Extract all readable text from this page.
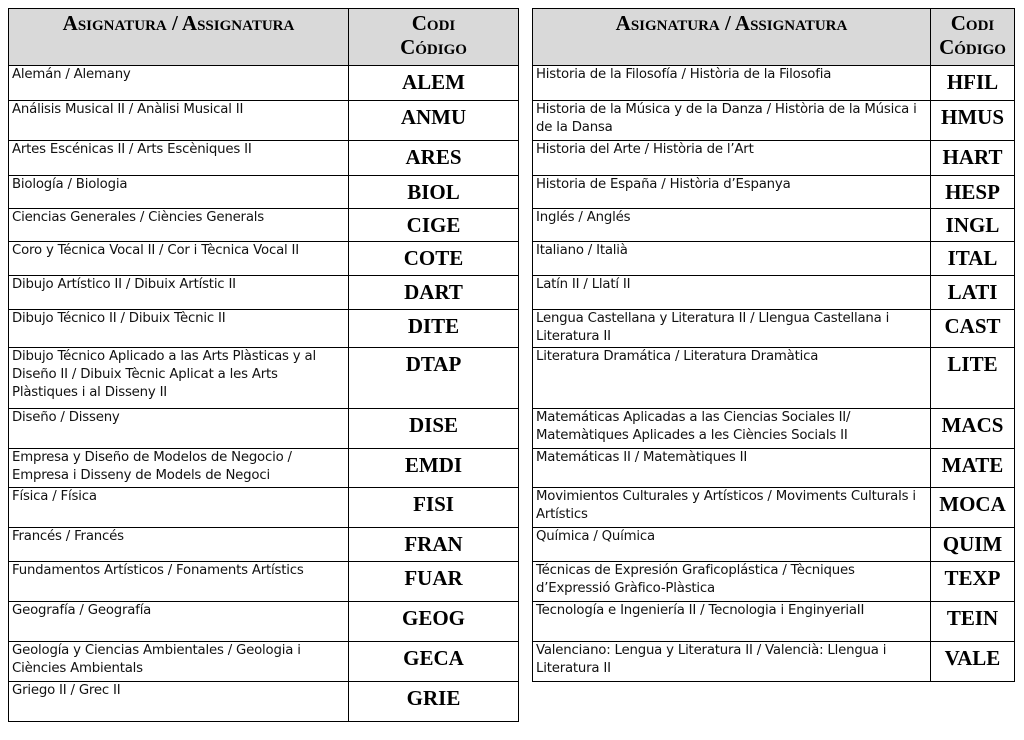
Asignatura / Assignatura	Codi
Código
Alemán / Alemany	ALEM
Análisis Musical II / Anàlisi Musical II	ANMU
Artes Escénicas II / Arts Escèniques II	ARES
Biología / Biologia	BIOL
Ciencias Generales / Ciències Generals	CIGE
Coro y Técnica Vocal II / Cor i Tècnica Vocal II	COTE
Dibujo Artístico II / Dibuix Artístic II	DART
Dibujo Técnico II / Dibuix Tècnic II	DITE
Dibujo Técnico Aplicado a las Arts Plàsticas y al Diseño II / Dibuix Tècnic Aplicat a les Arts Plàstiques i al Disseny II	DTAP
Diseño / Disseny	DISE
Empresa y Diseño de Modelos de Negocio / Empresa i Disseny de Models de Negoci	EMDI
Física / Física	FISI
Francés / Francés	FRAN
Fundamentos Artísticos / Fonaments Artístics	FUAR
Geografía / Geografía	GEOG
Geología y Ciencias Ambientales / Geologia i Ciències Ambientals	GECA
Griego II / Grec II	GRIE
Asignatura / Assignatura	Codi
Código
Historia de la Filosofía / Història de la Filosofia	HFIL
Historia de la Música y de la Danza / Història de la Música i de la Dansa	HMUS
Historia del Arte / Història de l’Art	HART
Historia de España / Història d’Espanya	HESP
Inglés / Anglés	INGL
Italiano / Italià	ITAL
Latín II / Llatí II	LATI
Lengua Castellana y Literatura II / Llengua Castellana i Literatura II	CAST
Literatura Dramática / Literatura Dramàtica	LITE
Matemáticas Aplicadas a las Ciencias Sociales II/ Matemàtiques Aplicades a les Ciències Socials II	MACS
Matemáticas II / Matemàtiques II	MATE
Movimientos Culturales y Artísticos / Moviments Culturals i Artístics	MOCA
Química / Química	QUIM
Técnicas de Expresión Graficoplástica / Tècniques d’Expressió Gràfico-Plàstica	TEXP
Tecnología e Ingeniería II / Tecnologia i EnginyeriaII	TEIN
Valenciano: Lengua y Literatura II / Valencià: Llengua i Literatura II	VALE
